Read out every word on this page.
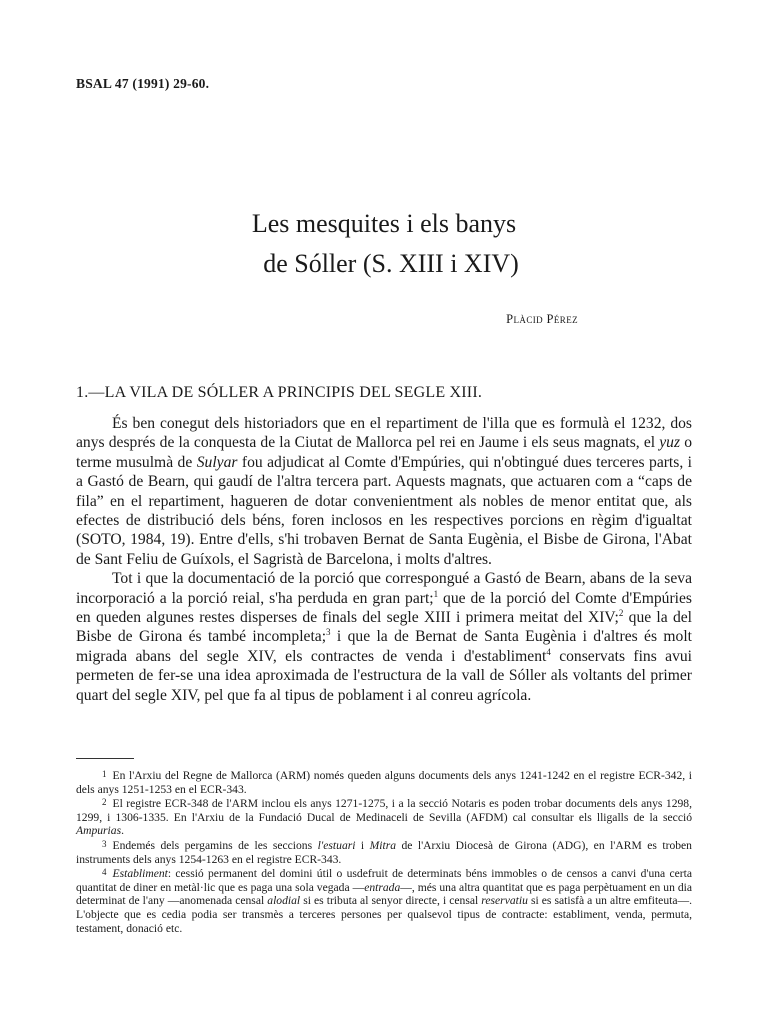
BSAL 47 (1991) 29-60.
Les mesquites i els banys
de Sóller (S. XIII i XIV)
Plàcid Pérez
1.—LA VILA DE SÓLLER A PRINCIPIS DEL SEGLE XIII.

És ben conegut dels historiadors que en el repartiment de l'illa que es formulà el 1232, dos anys després de la conquesta de la Ciutat de Mallorca pel rei en Jaume i els seus magnats, el yuz o terme musulmà de Sulyar fou adjudicat al Comte d'Empúries, qui n'obtingué dues terceres parts, i a Gastó de Bearn, qui gaudí de l'altra tercera part. Aquests magnats, que actuaren com a “caps de fila” en el repartiment, hagueren de dotar convenientment als nobles de menor entitat que, als efectes de distribució dels béns, foren inclosos en les respectives porcions en règim d'igualtat (SOTO, 1984, 19). Entre d'ells, s'hi trobaven Bernat de Santa Eugènia, el Bisbe de Girona, l'Abat de Sant Feliu de Guíxols, el Sagristà de Barcelona, i molts d'altres.

Tot i que la documentació de la porció que correspongué a Gastó de Bearn, abans de la seva incorporació a la porció reial, s'ha perduda en gran part;$^1$ que de la porció del Comte d'Empúries en queden algunes restes disperses de finals del segle XIII i primera meitat del XIV;$^2$ que la del Bisbe de Girona és també incompleta;$^3$ i que la de Bernat de Santa Eugènia i d'altres és molt migrada abans del segle XIV, els contractes de venda i d'establiment$^4$ conservats fins avui permeten de fer-se una idea aproximada de l'estructura de la vall de Sóller als voltants del primer quart del segle XIV, pel que fa al tipus de poblament i al conreu agrícola.

1 En l'Arxiu del Regne de Mallorca (ARM) només queden alguns documents dels anys 1241-1242 en el registre ECR-342, i dels anys 1251-1253 en el ECR-343.

2 El registre ECR-348 de l'ARM inclou els anys 1271-1275, i a la secció Notaris es poden trobar documents dels anys 1298, 1299, i 1306-1335. En l'Arxiu de la Fundació Ducal de Medinaceli de Sevilla (AFDM) cal consultar els lligalls de la secció Ampurias.

3 Endemés dels pergamins de les seccions l'estuari i Mitra de l'Arxiu Diocesà de Girona (ADG), en l'ARM es troben instruments dels anys 1254-1263 en el registre ECR-343.

4 Establiment: cessió permanent del domini útil o usdefruit de determinats béns immobles o de censos a canvi d'una certa quantitat de diner en metàl·lic que es paga una sola vegada —entrada—, més una altra quantitat que es paga perpètuament en un dia determinat de l'any —anomenada censal alodial si es tributa al senyor directe, i censal reservatiu si es satisfà a un altre emfiteuta—. L'objecte que es cedia podia ser transmès a terceres persones per qualsevol tipus de contracte: establiment, venda, permuta, testament, donació etc.
